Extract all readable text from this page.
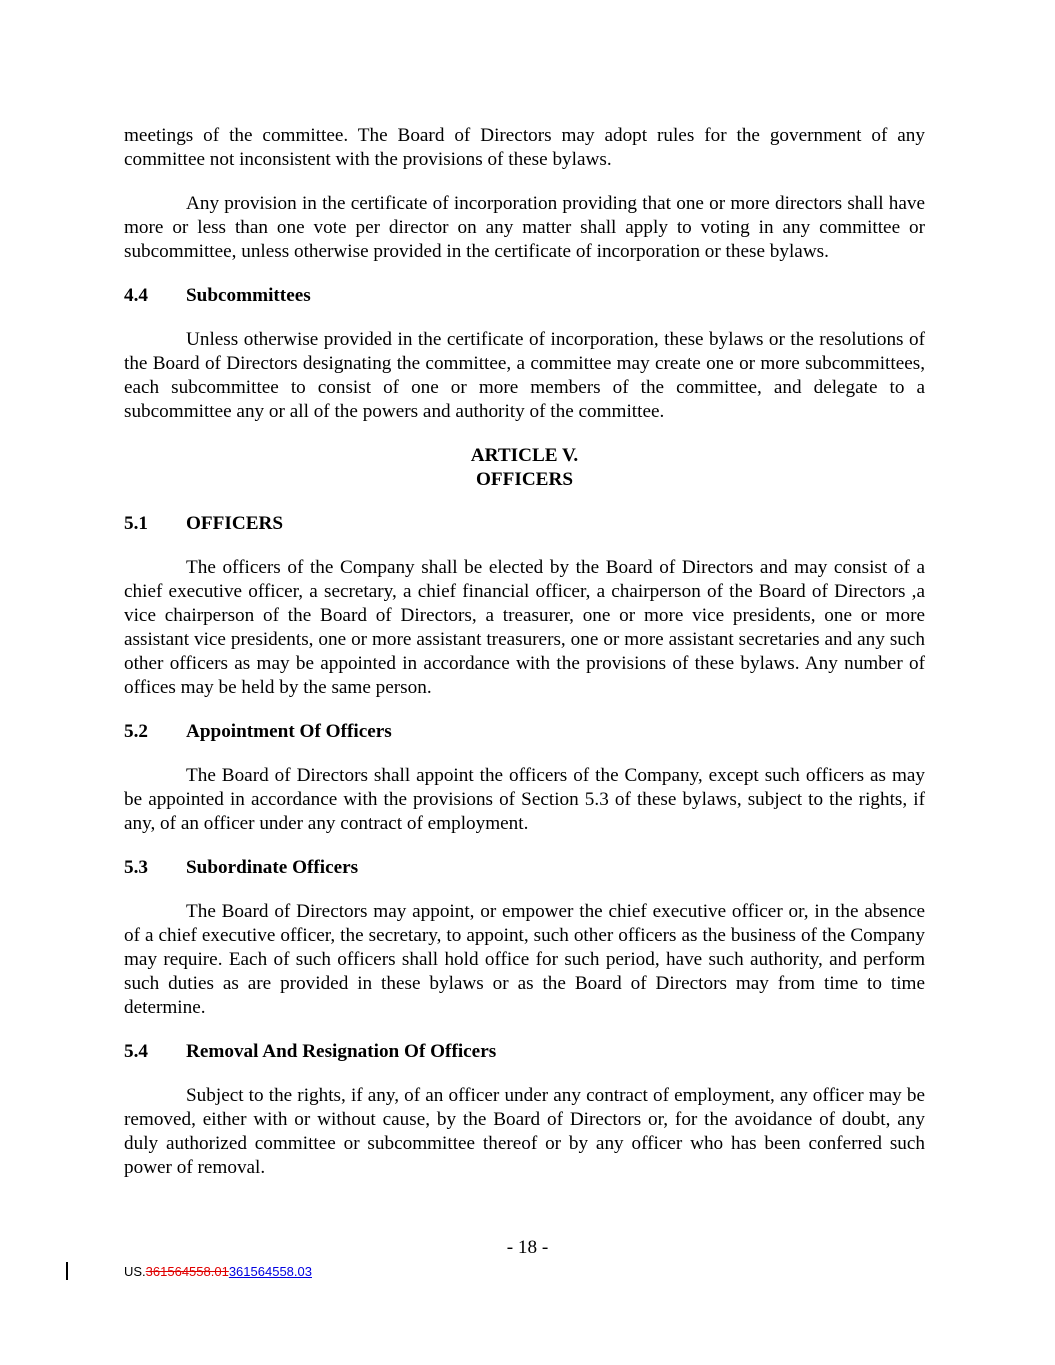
meetings of the committee. The Board of Directors may adopt rules for the government of any committee not inconsistent with the provisions of these bylaws.

Any provision in the certificate of incorporation providing that one or more directors shall have more or less than one vote per director on any matter shall apply to voting in any committee or subcommittee, unless otherwise provided in the certificate of incorporation or these bylaws.

4.4	Subcommittees

Unless otherwise provided in the certificate of incorporation, these bylaws or the resolutions of the Board of Directors designating the committee, a committee may create one or more subcommittees, each subcommittee to consist of one or more members of the committee, and delegate to a subcommittee any or all of the powers and authority of the committee.

ARTICLE V.
OFFICERS
5.1	OFFICERS

The officers of the Company shall be elected by the Board of Directors and may consist of a chief executive officer, a secretary, a chief financial officer, a chairperson of the Board of Directors ,a vice chairperson of the Board of Directors, a treasurer, one or more vice presidents, one or more assistant vice presidents, one or more assistant treasurers, one or more assistant secretaries and any such other officers as may be appointed in accordance with the provisions of these bylaws. Any number of offices may be held by the same person.

5.2	Appointment Of Officers

The Board of Directors shall appoint the officers of the Company, except such officers as may be appointed in accordance with the provisions of Section 5.3 of these bylaws, subject to the rights, if any, of an officer under any contract of employment.

5.3	Subordinate Officers

The Board of Directors may appoint, or empower the chief executive officer or, in the absence of a chief executive officer, the secretary, to appoint, such other officers as the business of the Company may require. Each of such officers shall hold office for such period, have such authority, and perform such duties as are provided in these bylaws or as the Board of Directors may from time to time determine.

5.4	Removal And Resignation Of Officers

Subject to the rights, if any, of an officer under any contract of employment, any officer may be removed, either with or without cause, by the Board of Directors or, for the avoidance of doubt, any duly authorized committee or subcommittee thereof or by any officer who has been conferred such power of removal.

- 18 -
US.361564558.01361564558.03
